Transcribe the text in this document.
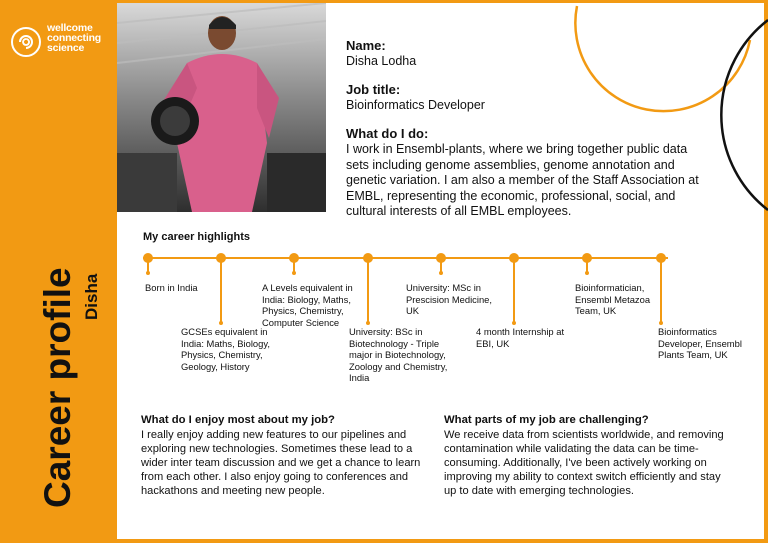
wellcome
connecting
science
Career profile Disha
Name:

Disha Lodha

Job title:

Bioinformatics Developer

What do I do:

I work in Ensembl-plants, where we bring together public data sets including genome assemblies, genome annotation and genetic variation. I am also a member of the Staff Association at EMBL, representing the economic, professional, social, and cultural interests of all EMBL employees.

My career highlights
Born in India
GCSEs equivalent in India: Maths, Biology, Physics, Chemistry, Geology, History
A Levels equivalent in India: Biology, Maths, Physics, Chemistry, Computer Science
University: BSc in Biotechnology - Triple major in Biotechnology, Zoology and Chemistry, India
University: MSc in Prescision Medicine, UK
4 month Internship at EBI, UK
Bioinformatician, Ensembl Metazoa Team, UK
Bioinformatics Developer, Ensembl Plants Team, UK
What do I enjoy most about my job?

I really enjoy adding new features to our pipelines and exploring new technologies. Sometimes these lead to a wider inter team discussion and we get a chance to learn from each other. I also enjoy going to conferences and hackathons and meeting new people.

What parts of my job are challenging?

We receive data from scientists worldwide, and removing contamination while validating the data can be time-consuming. Additionally, I've been actively working on improving my ability to context switch efficiently and stay up to date with emerging technologies.
